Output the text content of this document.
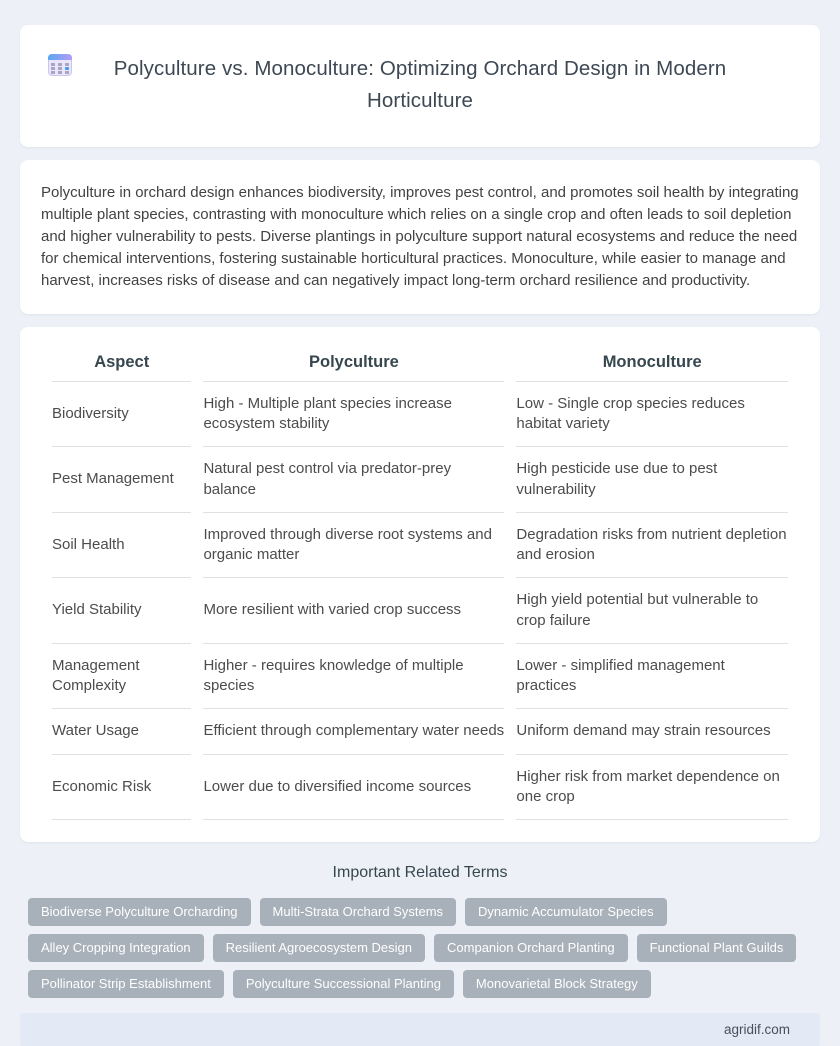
Polyculture vs. Monoculture: Optimizing Orchard Design in Modern Horticulture

Polyculture in orchard design enhances biodiversity, improves pest control, and promotes soil health by integrating multiple plant species, contrasting with monoculture which relies on a single crop and often leads to soil depletion and higher vulnerability to pests. Diverse plantings in polyculture support natural ecosystems and reduce the need for chemical interventions, fostering sustainable horticultural practices. Monoculture, while easier to manage and harvest, increases risks of disease and can negatively impact long-term orchard resilience and productivity.

Aspect	Polyculture	Monoculture
Biodiversity	High - Multiple plant species increase ecosystem stability	Low - Single crop species reduces habitat variety
Pest Management	Natural pest control via predator-prey balance	High pesticide use due to pest vulnerability
Soil Health	Improved through diverse root systems and organic matter	Degradation risks from nutrient depletion and erosion
Yield Stability	More resilient with varied crop success	High yield potential but vulnerable to crop failure
Management Complexity	Higher - requires knowledge of multiple species	Lower - simplified management practices
Water Usage	Efficient through complementary water needs	Uniform demand may strain resources
Economic Risk	Lower due to diversified income sources	Higher risk from market dependence on one crop
Important Related Terms
Biodiverse Polyculture Orcharding	Multi-Strata Orchard Systems	Dynamic Accumulator Species
Alley Cropping Integration	Resilient Agroecosystem Design	Companion Orchard Planting	Functional Plant Guilds
Pollinator Strip Establishment	Polyculture Successional Planting	Monovarietal Block Strategy
agridif.com
